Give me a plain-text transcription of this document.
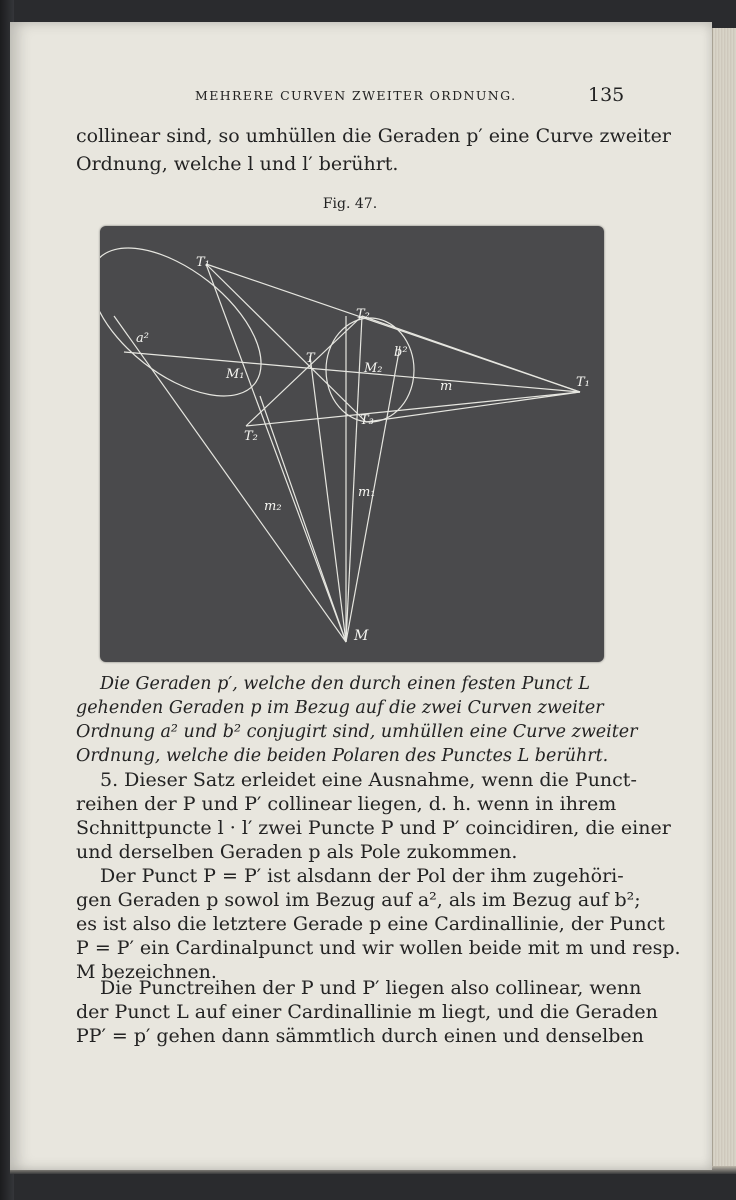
MEHRERE CURVEN ZWEITER ORDNUNG.	135

collinear sind, so umhüllen die Geraden p′ eine Curve zweiter

Ordnung, welche l und l′ berührt.

Fig. 47.
T₁
T₂
T
T₁
M₁	M₂
T₂
T₃
a²
b²
m
m₁
m₂
M

Die Geraden p′, welche den durch einen festen Punct L

gehenden Geraden p im Bezug auf die zwei Curven zweiter

Ordnung a² und b² conjugirt sind, umhüllen eine Curve zweiter

Ordnung, welche die beiden Polaren des Punctes L berührt.

5. Dieser Satz erleidet eine Ausnahme, wenn die Punct-

reihen der P und P′ collinear liegen, d. h. wenn in ihrem

Schnittpuncte l · l′ zwei Puncte P und P′ coincidiren, die einer

und derselben Geraden p als Pole zukommen.

Der Punct P = P′ ist alsdann der Pol der ihm zugehöri-

gen Geraden p sowol im Bezug auf a², als im Bezug auf b²;

es ist also die letztere Gerade p eine Cardinallinie, der Punct

P = P′ ein Cardinalpunct und wir wollen beide mit m und resp.

M bezeichnen.

Die Punctreihen der P und P′ liegen also collinear, wenn

der Punct L auf einer Cardinallinie m liegt, und die Geraden

PP′ = p′ gehen dann sämmtlich durch einen und denselben
